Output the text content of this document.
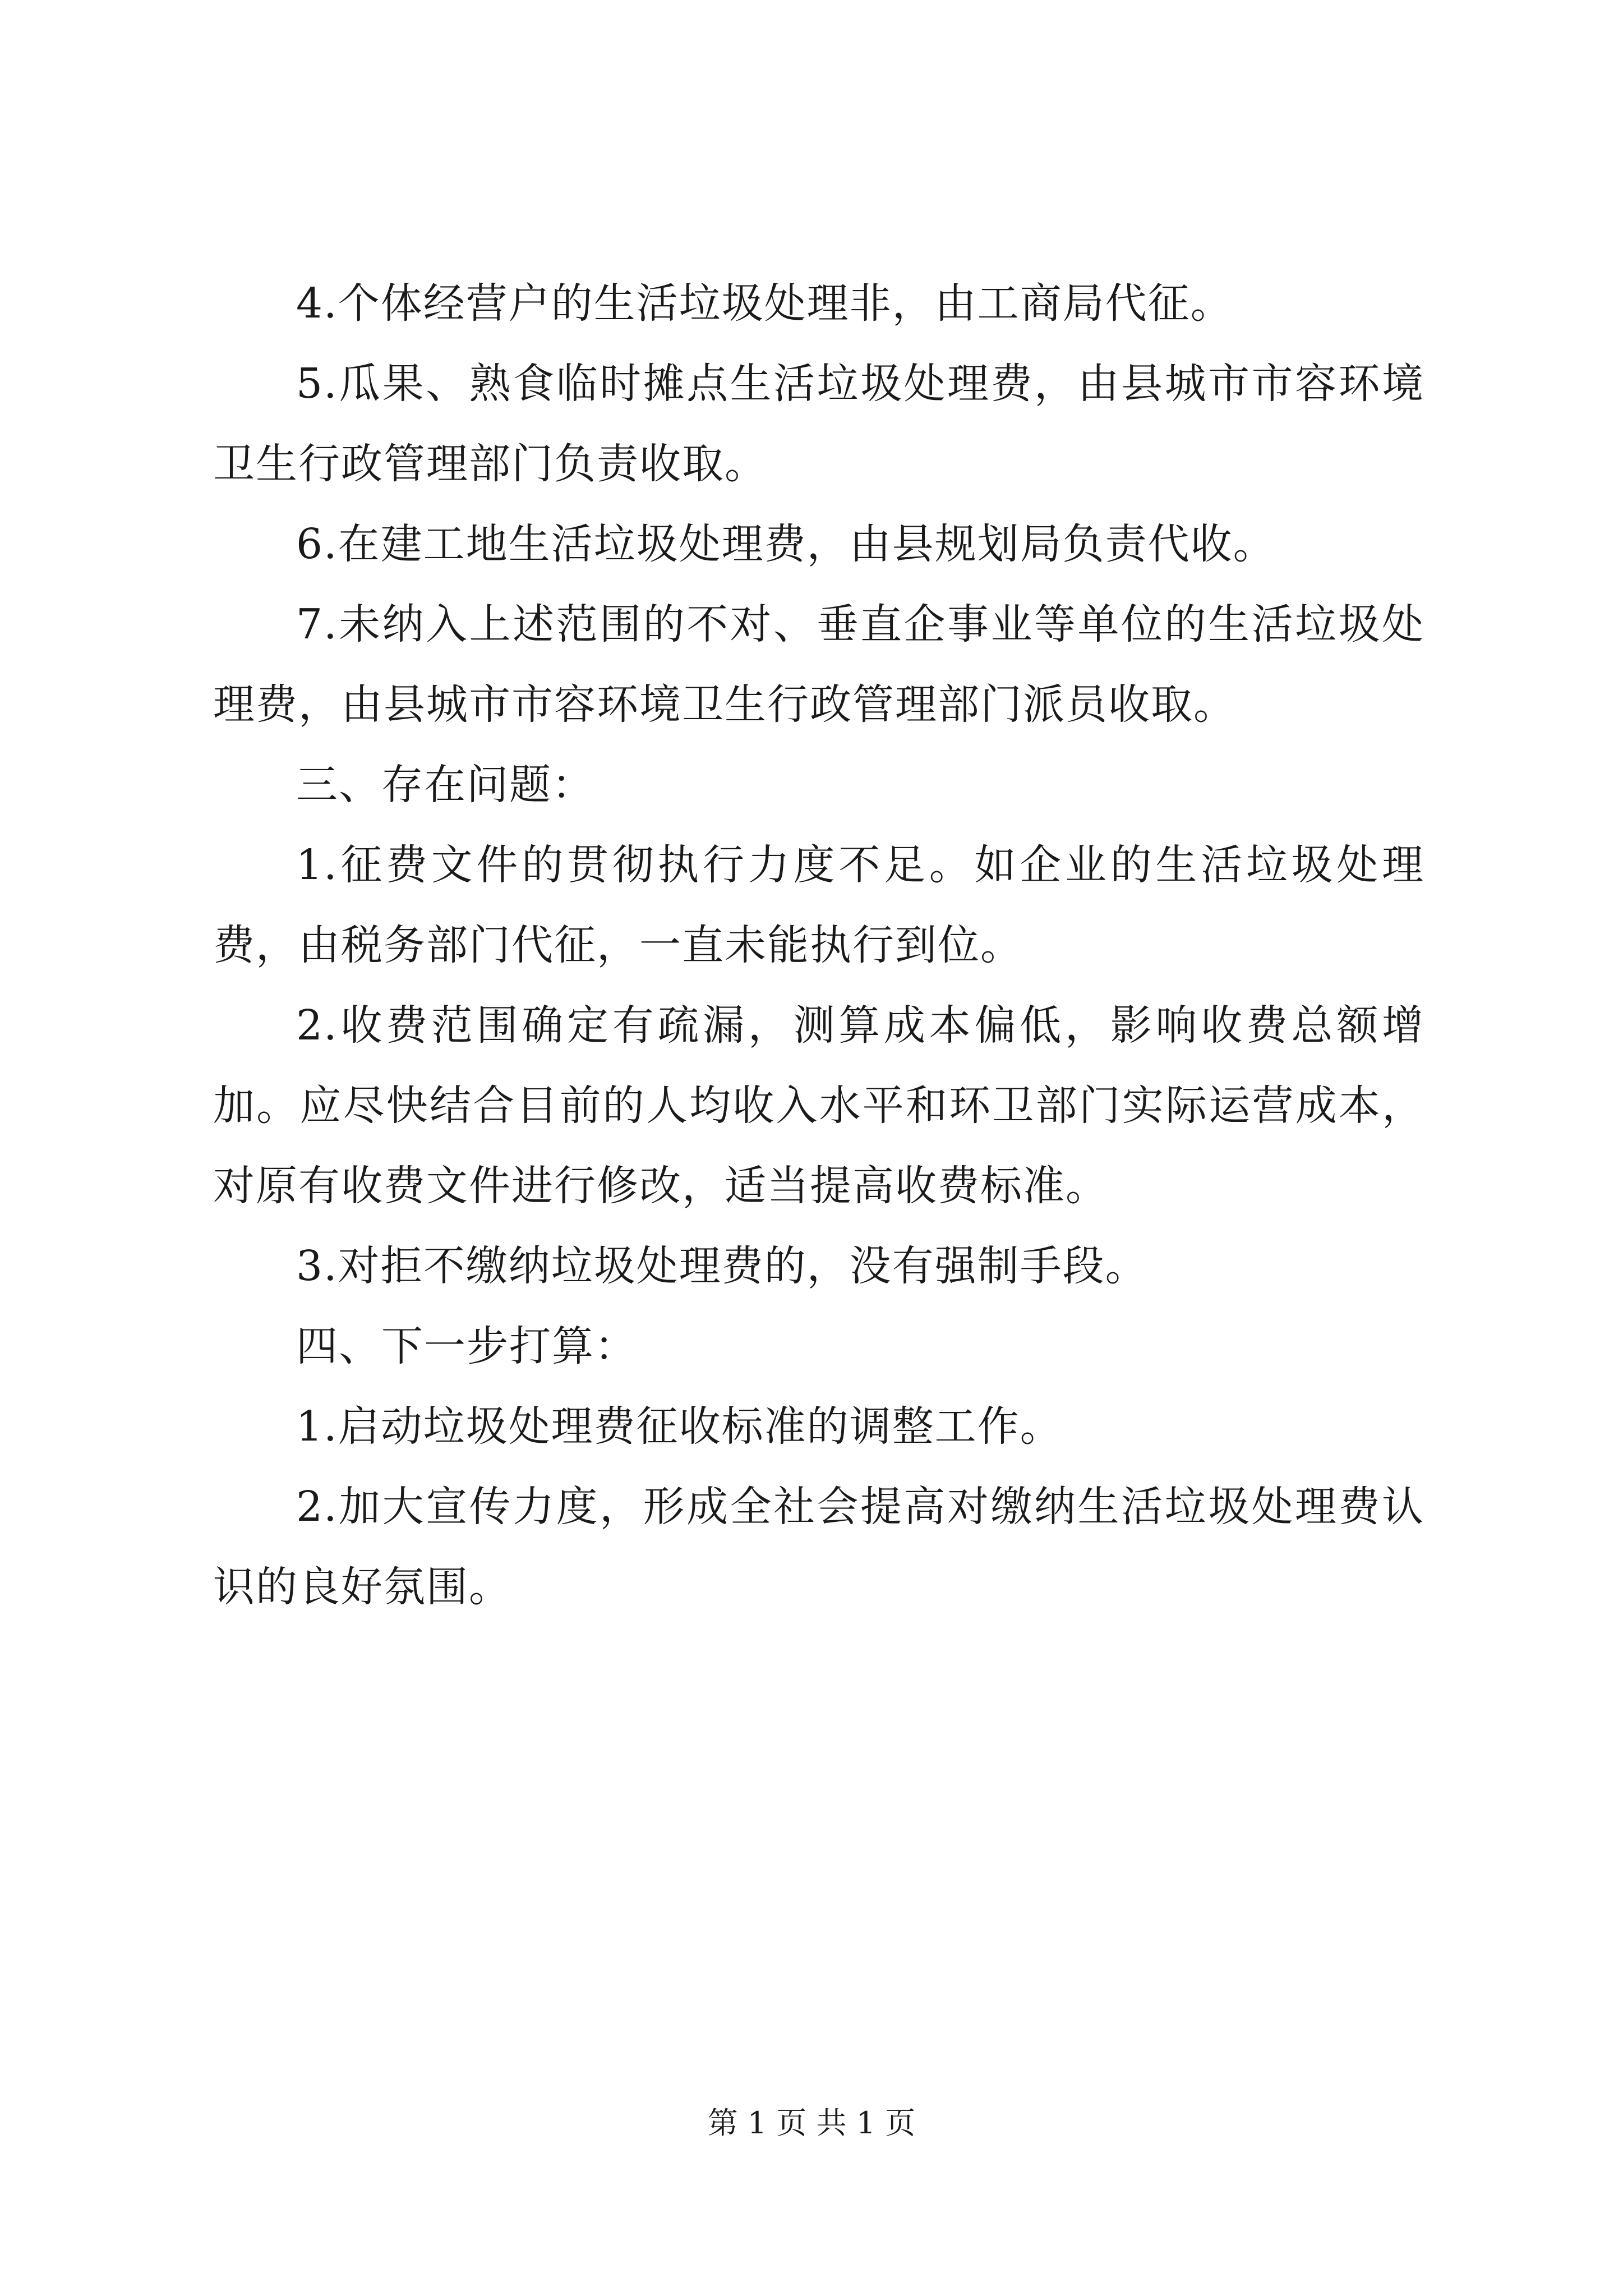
4.个体经营户的生活垃圾处理非，由工商局代征。

5.瓜果、熟食临时摊点生活垃圾处理费，由县城市市容环境卫生行政管理部门负责收取。

6.在建工地生活垃圾处理费，由县规划局负责代收。

7.未纳入上述范围的不对、垂直企事业等单位的生活垃圾处理费，由县城市市容环境卫生行政管理部门派员收取。

三、存在问题：

1.征费文件的贯彻执行力度不足。如企业的生活垃圾处理费，由税务部门代征，一直未能执行到位。

2.收费范围确定有疏漏，测算成本偏低，影响收费总额增加。应尽快结合目前的人均收入水平和环卫部门实际运营成本，对原有收费文件进行修改，适当提高收费标准。

3.对拒不缴纳垃圾处理费的，没有强制手段。

四、下一步打算：

1.启动垃圾处理费征收标准的调整工作。

2.加大宣传力度，形成全社会提高对缴纳生活垃圾处理费认识的良好氛围。

第 1 页 共 1 页
